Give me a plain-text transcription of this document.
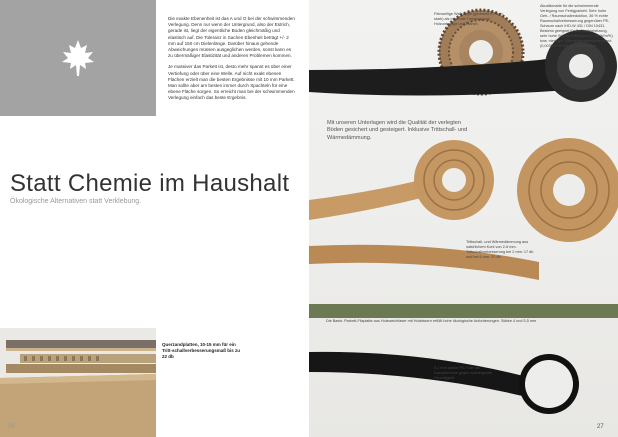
Die exakte Ebenenheit ist das A und O bei der schwimmenden Verlegung. Denn nur wenn der Untergrund, also der Estrich, gerade ist, liegt der eigentliche Boden gleichmäßig und elastisch auf. Die Toleranz in Sachen Ebenheit beträgt +/- 2 mm auf 150 cm Dielenlänge. Darüber hinaus gehende Abweichungen müssen ausgeglichen werden, sonst kann es zu übermäßiger Elastizität und anderen Problemen kommen.

Je massiver das Parkett ist, desto mehr spannt es über einer Vertiefung oder über eine Welle. Auf nicht exakt ebenen Flächen erzielt man die besten Ergebnisse mit 10 mm Parkett. Man sollte aber am besten immer durch Spachteln für eine ebene Fläche sorgen. So erreicht man bei der schwimmenden Verlegung einfach das beste Ergebnis.

Statt Chemie im Haushalt
Ökologische Alternativen statt Verklebung.
Querzandplatten, 10-15 mm für ein Tritt-schallverbesserungsmaß bis zu 22 db
26
Feinwellige Wellpappe (gedruckt 0,7 mm stark) als minimale Trennung von Holzunterlage und Estrich.
Akustikmatte für die schwimmende Verlegung von Fertigparkett. Sehr hohe Geh- / Raumschallreduktion, 36 % echte Raumschallverbesserung gegenüber PE-Schaum nach IHD-W 431 / DIN 10431. Bestens geeignet für Fußbodenheizung, sehr hohe Wärmeleitfähigkeit (0,01 W/m²K) bzw. niedriger Wärmedurchlasswiderstand (0,0035 K*m²/W), geruchsneutral.
Mit unseren Unterlagen wird die Qualität der verlegten Böden gesichert und gesteigert. Inklusive Trittschall- und Wärmedämmung.
Trittschall- und Wärmedämmung aus natürlichem Kork von 2-6 mm. Trittschallverbesserung bei 2 mm: 17 db und bei 6 mm: 20 db.
Die Basis: Parkett-Filzplatte aus Holzweichfaser mit Holzfasern erfüllt hohe ökologische Anforderungen. Stärke 4 und 5,5 mm
0,2 mm starke PE-Folie als Dampfbremse gegen aufsteigende Feuchtigkeit
27
